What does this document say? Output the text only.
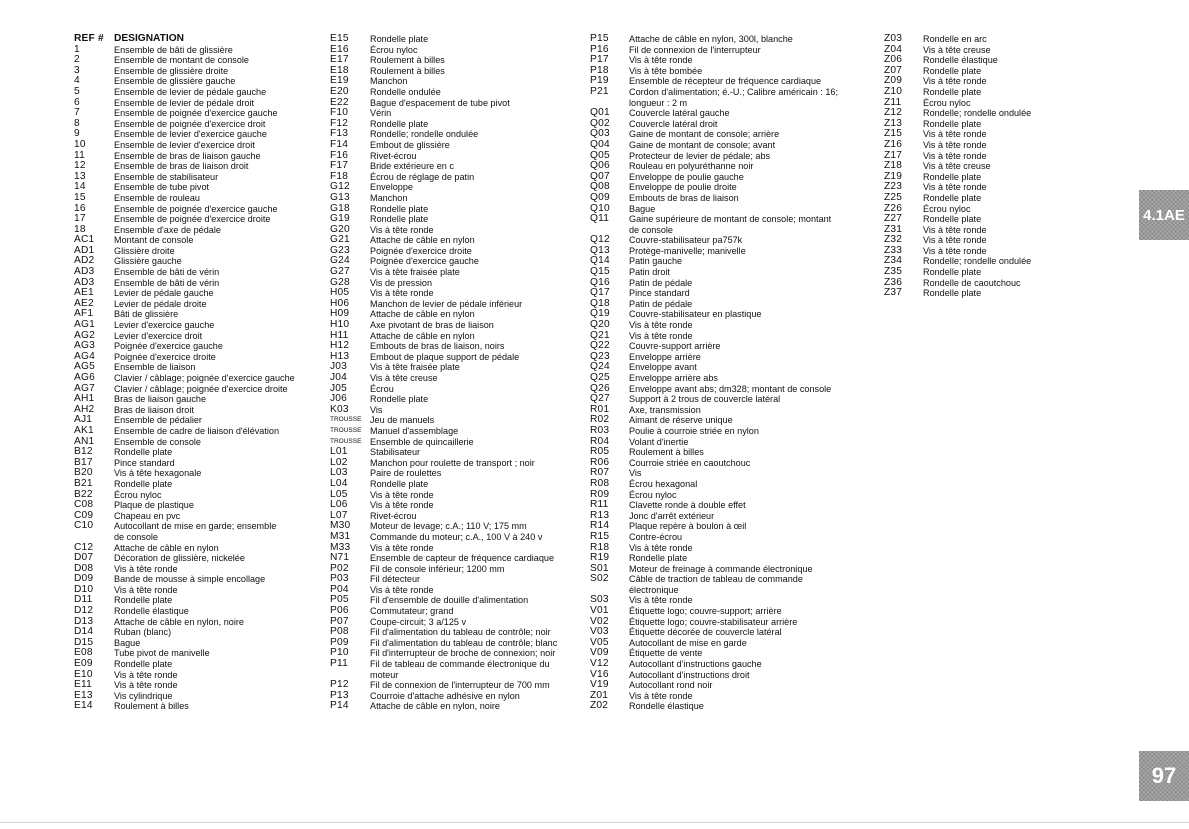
REF # DÉSIGNATION
1	Ensemble de bâti de glissière
2	Ensemble de montant de console
3	Ensemble de glissière droite
4	Ensemble de glissière gauche
5	Ensemble de levier de pédale gauche
6	Ensemble de levier de pédale droit
7	Ensemble de poignée d'exercice gauche
8	Ensemble de poignée d'exercice droit
9	Ensemble de levier d'exercice gauche
10	Ensemble de levier d'exercice droit
11	Ensemble de bras de liaison gauche
12	Ensemble de bras de liaison droit
13	Ensemble de stabilisateur
14	Ensemble de tube pivot
15	Ensemble de rouleau
16	Ensemble de poignée d'exercice gauche
17	Ensemble de poignée d'exercice droite
18	Ensemble d'axe de pédale
AC1	Montant de console
AD1	Glissière droite
AD2	Glissière gauche
AD3	Ensemble de bâti de vérin
AD3	Ensemble de bâti de vérin
AE1	Levier de pédale gauche
AE2	Levier de pédale droite
AF1	Bâti de glissière
AG1	Levier d'exercice gauche
AG2	Levier d'exercice droit
AG3	Poignée d'exercice gauche
AG4	Poignée d'exercice droite
AG5	Ensemble de liaison
AG6	Clavier / câblage; poignée d'exercice gauche
AG7	Clavier / câblage; poignée d'exercice droite
AH1	Bras de liaison gauche
AH2	Bras de liaison droit
AJ1	Ensemble de pédalier
AK1	Ensemble de cadre de liaison d'élévation
AN1	Ensemble de console
B12	Rondelle plate
B17	Pince standard
B20	Vis à tête hexagonale
B21	Rondelle plate
B22	Écrou nyloc
C08	Plaque de plastique
C09	Chapeau en pvc
C10	Autocollant de mise en garde; ensemble
de console
C12	Attache de câble en nylon
D07	Décoration de glissière, nickelée
D08	Vis à tête ronde
D09	Bande de mousse à simple encollage
D10	Vis à tête ronde
D11	Rondelle plate
D12	Rondelle élastique
D13	Attache de câble en nylon, noire
D14	Ruban (blanc)
D15	Bague
E08	Tube pivot de manivelle
E09	Rondelle plate
E10	Vis à tête ronde
E11	Vis à tête ronde
E13	Vis cylindrique
E14	Roulement à billes
E15	Rondelle plate
E16	Écrou nyloc
E17	Roulement à billes
E18	Roulement à billes
E19	Manchon
E20	Rondelle ondulée
E22	Bague d'espacement de tube pivot
F10	Vérin
F12	Rondelle plate
F13	Rondelle; rondelle ondulée
F14	Embout de glissière
F16	Rivet-écrou
F17	Bride extérieure en c
F18	Écrou de réglage de patin
G12	Enveloppe
G13	Manchon
G18	Rondelle plate
G19	Rondelle plate
G20	Vis à tête ronde
G21	Attache de câble en nylon
G23	Poignée d'exercice droite
G24	Poignée d'exercice gauche
G27	Vis à tête fraisée plate
G28	Vis de pression
H05	Vis à tête ronde
H06	Manchon de levier de pédale inférieur
H09	Attache de câble en nylon
H10	Axe pivotant de bras de liaison
H11	Attache de câble en nylon
H12	Embouts de bras de liaison, noirs
H13	Embout de plaque support de pédale
J03	Vis à tête fraisée plate
J04	Vis à tête creuse
J05	Écrou
J06	Rondelle plate
K03	Vis
TROUSSE Jeu de manuels
TROUSSE Manuel d'assemblage
TROUSSE Ensemble de quincaillerie
L01	Stabilisateur
L02	Manchon pour roulette de transport ; noir
L03	Paire de roulettes
L04	Rondelle plate
L05	Vis à tête ronde
L06	Vis à tête ronde
L07	Rivet-écrou
M30	Moteur de levage; c.A.; 110 V; 175 mm
M31	Commande du moteur; c.A., 100 V à 240 v
M33	Vis à tête ronde
N71	Ensemble de capteur de fréquence cardiaque
P02	Fil de console inférieur; 1200 mm
P03	Fil détecteur
P04	Vis à tête ronde
P05	Fil d'ensemble de douille d'alimentation
P06	Commutateur; grand
P07	Coupe-circuit; 3 a/125 v
P08	Fil d'alimentation du tableau de contrôle; noir
P09	Fil d'alimentation du tableau de contrôle; blanc
P10	Fil d'interrupteur de broche de connexion; noir
P11	Fil de tableau de commande électronique du
moteur
P12	Fil de connexion de l'interrupteur de 700 mm
P13	Courroie d'attache adhésive en nylon
P14	Attache de câble en nylon, noire
P15	Attache de câble en nylon, 300l, blanche
P16	Fil de connexion de l'interrupteur
P17	Vis à tête ronde
P18	Vis à tête bombée
P19	Ensemble de récepteur de fréquence cardiaque
P21	Cordon d'alimentation; é.-U.; Calibre américain : 16;
longueur : 2 m
Q01	Couvercle latéral gauche
Q02	Couvercle latéral droit
Q03	Gaine de montant de console; arrière
Q04	Gaine de montant de console; avant
Q05	Protecteur de levier de pédale; abs
Q06	Rouleau en polyuréthanne noir
Q07	Enveloppe de poulie gauche
Q08	Enveloppe de poulie droite
Q09	Embouts de bras de liaison
Q10	Bague
Q11	Gaine supérieure de montant de console; montant
de console
Q12	Couvre-stabilisateur pa757k
Q13	Protège-manivelle; manivelle
Q14	Patin gauche
Q15	Patin droit
Q16	Patin de pédale
Q17	Pince standard
Q18	Patin de pédale
Q19	Couvre-stabilisateur en plastique
Q20	Vis à tête ronde
Q21	Vis à tête ronde
Q22	Couvre-support arrière
Q23	Enveloppe arrière
Q24	Enveloppe avant
Q25	Enveloppe arrière abs
Q26	Enveloppe avant abs; dm328; montant de console
Q27	Support à 2 trous de couvercle latéral
R01	Axe, transmission
R02	Aimant de réserve unique
R03	Poulie à courroie striée en nylon
R04	Volant d'inertie
R05	Roulement à billes
R06	Courroie striée en caoutchouc
R07	Vis
R08	Écrou hexagonal
R09	Écrou nyloc
R11	Clavette ronde à double effet
R13	Jonc d'arrêt extérieur
R14	Plaque repère à boulon à œil
R15	Contre-écrou
R18	Vis à tête ronde
R19	Rondelle plate
S01	Moteur de freinage à commande électronique
S02	Câble de traction de tableau de commande
électronique
S03	Vis à tête ronde
V01	Étiquette logo; couvre-support; arrière
V02	Étiquette logo; couvre-stabilisateur arrière
V03	Étiquette décorée de couvercle latéral
V05	Autocollant de mise en garde
V09	Étiquette de vente
V12	Autocollant d'instructions gauche
V16	Autocollant d'instructions droit
V19	Autocollant rond noir
Z01	Vis à tête ronde
Z02	Rondelle élastique
Z03	Rondelle en arc
Z04	Vis à tête creuse
Z06	Rondelle élastique
Z07	Rondelle plate
Z09	Vis à tête ronde
Z10	Rondelle plate
Z11	Écrou nyloc
Z12	Rondelle; rondelle ondulée
Z13	Rondelle plate
Z15	Vis à tête ronde
Z16	Vis à tête ronde
Z17	Vis à tête ronde
Z18	Vis à tête creuse
Z19	Rondelle plate
Z23	Vis à tête ronde
Z25	Rondelle plate
Z26	Écrou nyloc
Z27	Rondelle plate
Z31	Vis à tête ronde
Z32	Vis à tête ronde
Z33	Vis à tête ronde
Z34	Rondelle; rondelle ondulée
Z35	Rondelle plate
Z36	Rondelle de caoutchouc
Z37	Rondelle plate
4.1AE
97
